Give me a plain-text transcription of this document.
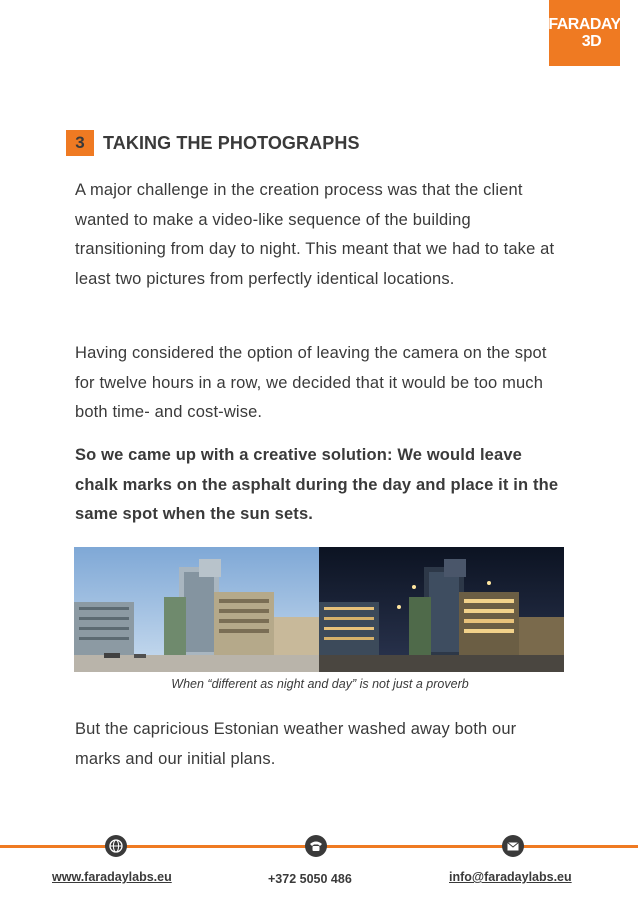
FARADAY
3D
3	TAKING THE PHOTOGRAPHS

A major challenge in the creation process was that the client wanted to make a video-like sequence of the building transitioning from day to night. This meant that we had to take at least two pictures from perfectly identical locations.

Having considered the option of leaving the camera on the spot for twelve hours in a row, we decided that it would be too much both time- and cost-wise.

So we came up with a creative solution: We would leave chalk marks on the asphalt during the day and place it in the same spot when the sun sets.

When “different as night and day” is not just a proverb

But the capricious Estonian weather washed away both our marks and our initial plans.

www.faradaylabs.eu	+372 5050 486	info@faradaylabs.eu
